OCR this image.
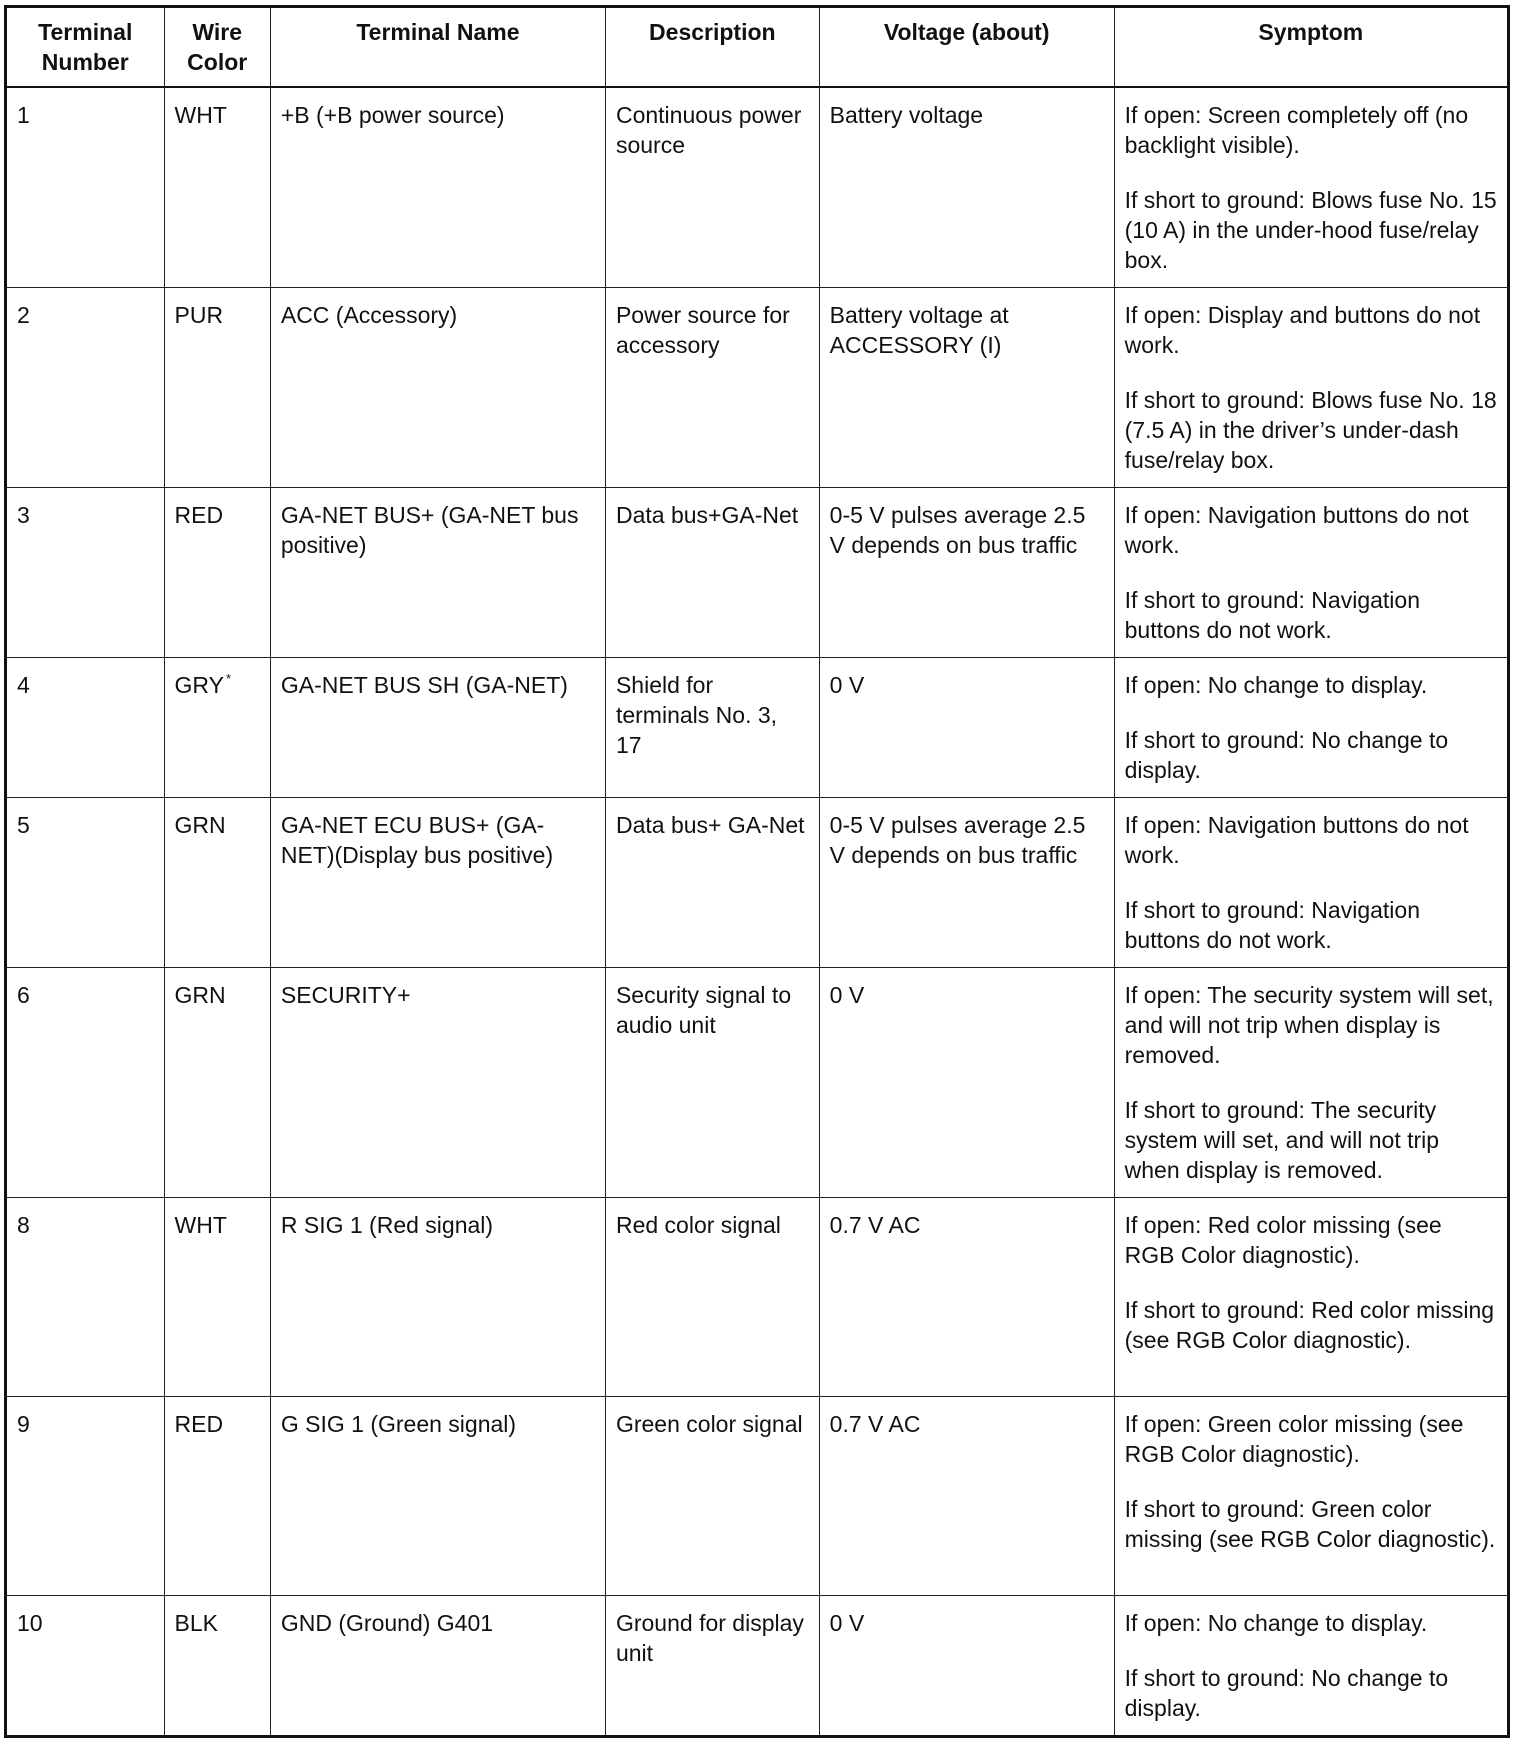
Terminal Number	Wire Color	Terminal Name	Description	Voltage (about)	Symptom
1	WHT	+B (+B power source)	Continuous power source	Battery voltage	If open: Screen completely off (no backlight visible).
If short to ground: Blows fuse No. 15 (10 A) in the under-hood fuse/relay box.

2	PUR	ACC (Accessory)	Power source for accessory	Battery voltage at ACCESSORY (I)	If open: Display and buttons do not work.
If short to ground: Blows fuse No. 18 (7.5 A) in the driver’s under-dash fuse/relay box.

3	RED	GA-NET BUS+ (GA-NET bus positive)	Data bus+GA-Net	0-5 V pulses average 2.5 V depends on bus traffic	If open: Navigation buttons do not work.
If short to ground: Navigation buttons do not work.

4	GRY *	GA-NET BUS SH (GA-NET)	Shield for terminals No. 3, 17	0 V	If open: No change to display.
If short to ground: No change to display.

5	GRN	GA-NET ECU BUS+ (GA-NET)(Display bus positive)	Data bus+ GA-Net	0-5 V pulses average 2.5 V depends on bus traffic	If open: Navigation buttons do not work.
If short to ground: Navigation buttons do not work.

6	GRN	SECURITY+	Security signal to audio unit	0 V	If open: The security system will set, and will not trip when display is removed.
If short to ground: The security system will set, and will not trip when display is removed.

8	WHT	R SIG 1 (Red signal)	Red color signal	0.7 V AC	If open: Red color missing (see RGB Color diagnostic).
If short to ground: Red color missing (see RGB Color diagnostic).

9	RED	G SIG 1 (Green signal)	Green color signal	0.7 V AC	If open: Green color missing (see RGB Color diagnostic).
If short to ground: Green color missing (see RGB Color diagnostic).

10	BLK	GND (Ground) G401	Ground for display unit	0 V	If open: No change to display.
If short to ground: No change to display.
